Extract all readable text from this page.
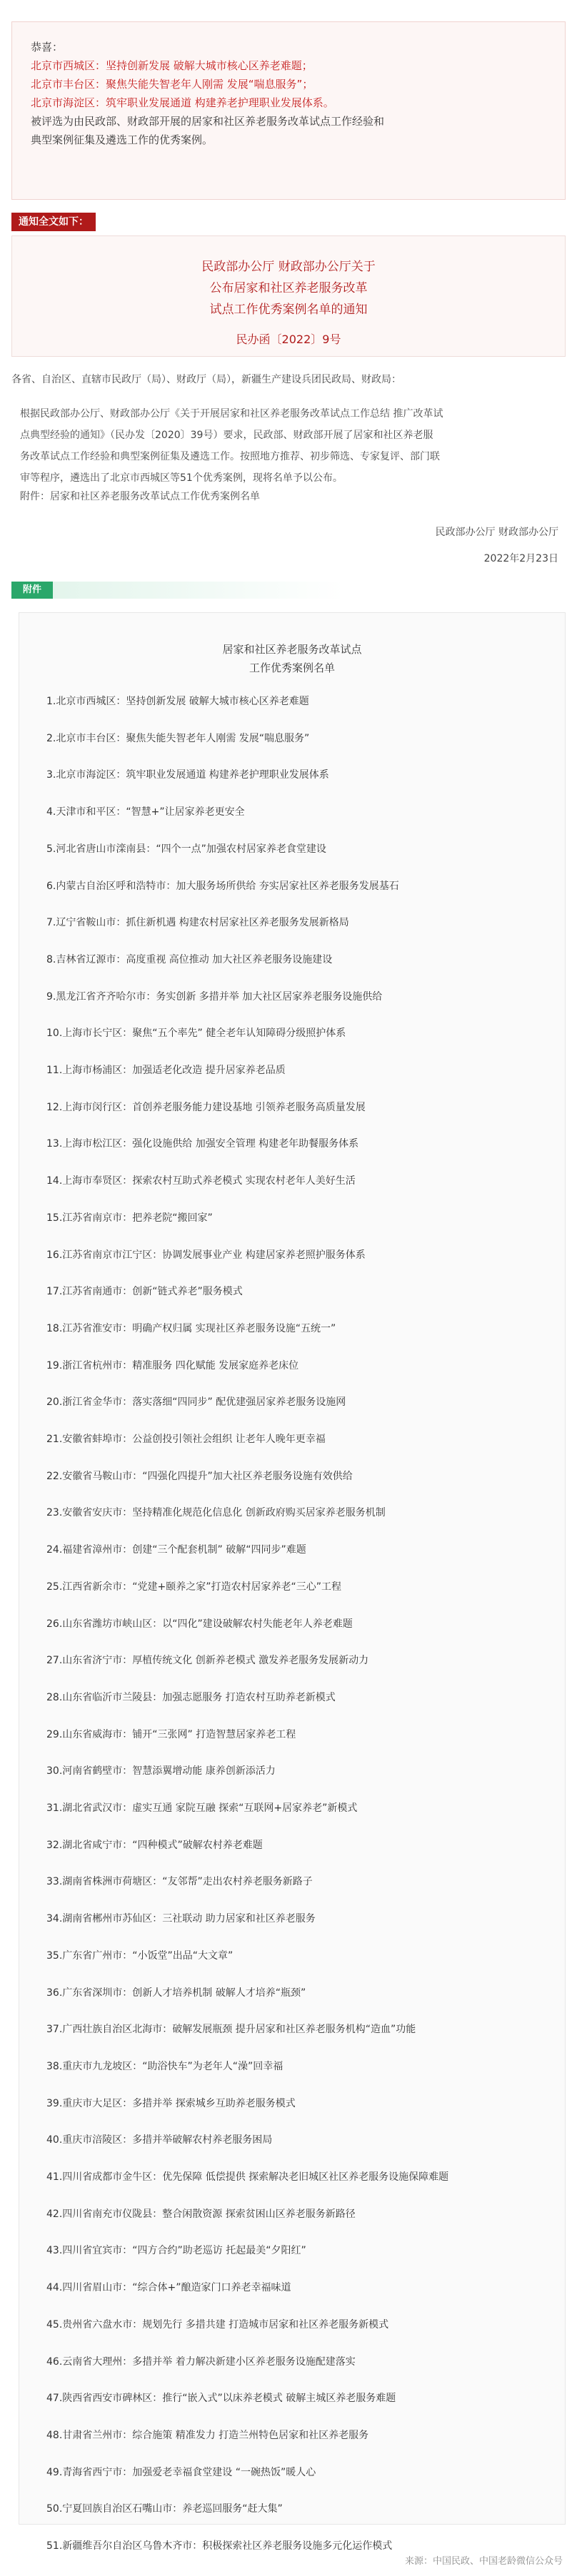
恭喜：

北京市西城区：坚持创新发展 破解大城市核心区养老难题；

北京市丰台区：聚焦失能失智老年人刚需 发展“喘息服务”；

北京市海淀区：筑牢职业发展通道 构建养老护理职业发展体系。

被评选为由民政部、财政部开展的居家和社区养老服务改革试点工作经验和

典型案例征集及遴选工作的优秀案例。

通知全文如下：

民政部办公厅 财政部办公厅关于

公布居家和社区养老服务改革

试点工作优秀案例名单的通知

民办函〔2022〕9号

各省、自治区、直辖市民政厅（局）、财政厅（局），新疆生产建设兵团民政局、财政局：

根据民政部办公厅、财政部办公厅《关于开展居家和社区养老服务改革试点工作总结 推广改革试
点典型经验的通知》（民办发〔2020〕39号）要求，民政部、财政部开展了居家和社区养老服
务改革试点工作经验和典型案例征集及遴选工作。按照地方推荐、初步筛选、专家复评、部门联
审等程序，遴选出了北京市西城区等51个优秀案例，现将名单予以公布。
附件：居家和社区养老服务改革试点工作优秀案例名单
民政部办公厅 财政部办公厅
2022年2月23日
附件
居家和社区养老服务改革试点
工作优秀案例名单
1.北京市西城区：坚持创新发展 破解大城市核心区养老难题
2.北京市丰台区：聚焦失能失智老年人刚需 发展“喘息服务”
3.北京市海淀区：筑牢职业发展通道 构建养老护理职业发展体系
4.天津市和平区：“智慧+”让居家养老更安全
5.河北省唐山市滦南县：“四个一点”加强农村居家养老食堂建设
6.内蒙古自治区呼和浩特市：加大服务场所供给 夯实居家社区养老服务发展基石
7.辽宁省鞍山市：抓住新机遇 构建农村居家社区养老服务发展新格局
8.吉林省辽源市：高度重视 高位推动 加大社区养老服务设施建设
9.黑龙江省齐齐哈尔市：务实创新 多措并举 加大社区居家养老服务设施供给
10.上海市长宁区：聚焦“五个率先” 健全老年认知障碍分级照护体系
11.上海市杨浦区：加强适老化改造 提升居家养老品质
12.上海市闵行区：首创养老服务能力建设基地 引领养老服务高质量发展
13.上海市松江区：强化设施供给 加强安全管理 构建老年助餐服务体系
14.上海市奉贤区：探索农村互助式养老模式 实现农村老年人美好生活
15.江苏省南京市：把养老院“搬回家”
16.江苏省南京市江宁区：协调发展事业产业 构建居家养老照护服务体系
17.江苏省南通市：创新“链式养老”服务模式
18.江苏省淮安市：明确产权归属 实现社区养老服务设施“五统一”
19.浙江省杭州市：精准服务 四化赋能 发展家庭养老床位
20.浙江省金华市：落实落细“四同步” 配优建强居家养老服务设施网
21.安徽省蚌埠市：公益创投引领社会组织 让老年人晚年更幸福
22.安徽省马鞍山市：“四强化四提升”加大社区养老服务设施有效供给
23.安徽省安庆市：坚持精准化规范化信息化 创新政府购买居家养老服务机制
24.福建省漳州市：创建“三个配套机制” 破解“四同步”难题
25.江西省新余市：“党建+颐养之家”打造农村居家养老“三心”工程
26.山东省潍坊市峡山区：以“四化”建设破解农村失能老年人养老难题
27.山东省济宁市：厚植传统文化 创新养老模式 激发养老服务发展新动力
28.山东省临沂市兰陵县：加强志愿服务 打造农村互助养老新模式
29.山东省威海市：铺开“三张网” 打造智慧居家养老工程
30.河南省鹤壁市：智慧添翼增动能 康养创新添活力
31.湖北省武汉市：虚实互通 家院互融 探索“互联网+居家养老”新模式
32.湖北省咸宁市：“四种模式”破解农村养老难题
33.湖南省株洲市荷塘区：“友邻帮”走出农村养老服务新路子
34.湖南省郴州市苏仙区：三社联动 助力居家和社区养老服务
35.广东省广州市：“小饭堂”出品“大文章”
36.广东省深圳市：创新人才培养机制 破解人才培养“瓶颈”
37.广西壮族自治区北海市：破解发展瓶颈 提升居家和社区养老服务机构“造血”功能
38.重庆市九龙坡区：“助浴快车”为老年人“澡”回幸福
39.重庆市大足区：多措并举 探索城乡互助养老服务模式
40.重庆市涪陵区：多措并举破解农村养老服务困局
41.四川省成都市金牛区：优先保障 低偿提供 探索解决老旧城区社区养老服务设施保障难题
42.四川省南充市仪陇县：整合闲散资源 探索贫困山区养老服务新路径
43.四川省宜宾市：“四方合约”助老巡访 托起最美“夕阳红”
44.四川省眉山市：“综合体+”酿造家门口养老幸福味道
45.贵州省六盘水市：规划先行 多措共建 打造城市居家和社区养老服务新模式
46.云南省大理州：多措并举 着力解决新建小区养老服务设施配建落实
47.陕西省西安市碑林区：推行“嵌入式”以床养老模式 破解主城区养老服务难题
48.甘肃省兰州市：综合施策 精准发力 打造兰州特色居家和社区养老服务
49.青海省西宁市：加强爱老幸福食堂建设 “一碗热饭”暖人心
50.宁夏回族自治区石嘴山市：养老巡回服务“赶大集”
51.新疆维吾尔自治区乌鲁木齐市：积极探索社区养老服务设施多元化运作模式
来源：中国民政、中国老龄微信公众号
